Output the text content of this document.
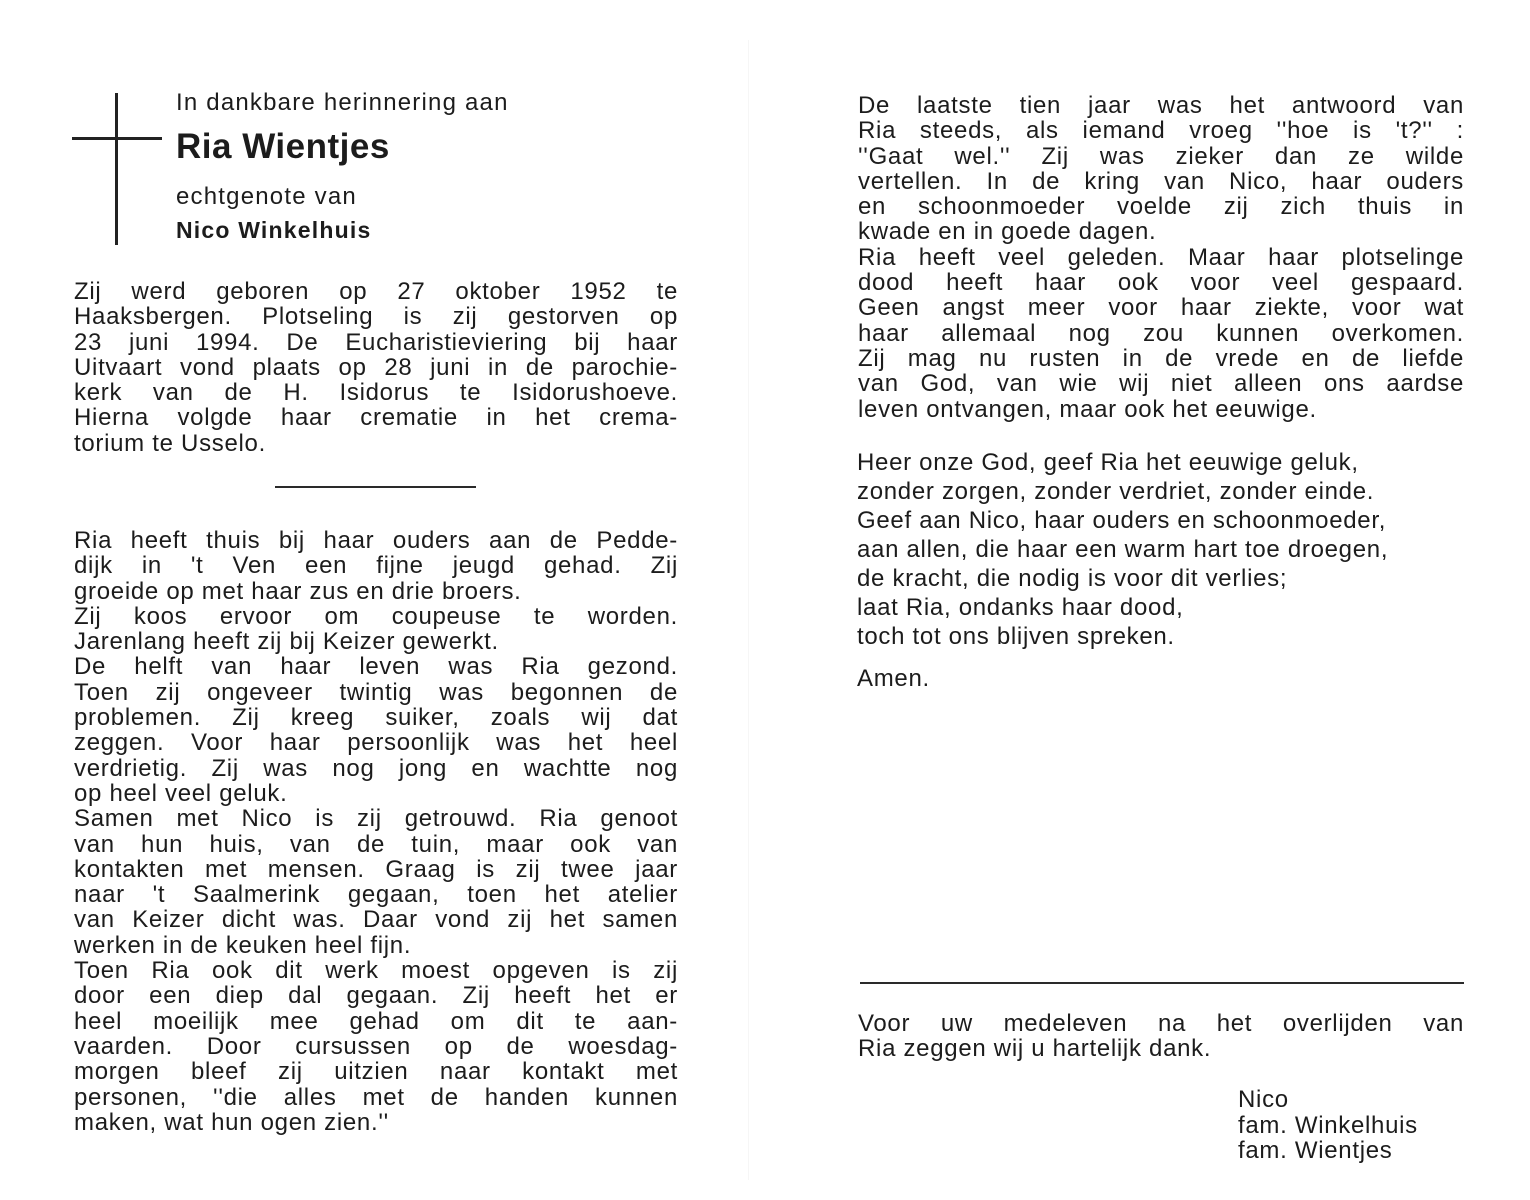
In dankbare herinnering aan
Ria Wientjes
echtgenote van
Nico Winkelhuis
Zij werd geboren op 27 oktober 1952 te
Haaksbergen. Plotseling is zij gestorven op
23 juni 1994. De Eucharistieviering bij haar
Uitvaart vond plaats op 28 juni in de parochie-
kerk van de H. Isidorus te Isidorushoeve.
Hierna volgde haar crematie in het crema-
torium te Usselo.
Ria heeft thuis bij haar ouders aan de Pedde-
dijk in 't Ven een fijne jeugd gehad. Zij
groeide op met haar zus en drie broers.
Zij koos ervoor om coupeuse te worden.
Jarenlang heeft zij bij Keizer gewerkt.
De helft van haar leven was Ria gezond.
Toen zij ongeveer twintig was begonnen de
problemen. Zij kreeg suiker, zoals wij dat
zeggen. Voor haar persoonlijk was het heel
verdrietig. Zij was nog jong en wachtte nog
op heel veel geluk.
Samen met Nico is zij getrouwd. Ria genoot
van hun huis, van de tuin, maar ook van
kontakten met mensen. Graag is zij twee jaar
naar 't Saalmerink gegaan, toen het atelier
van Keizer dicht was. Daar vond zij het samen
werken in de keuken heel fijn.
Toen Ria ook dit werk moest opgeven is zij
door een diep dal gegaan. Zij heeft het er
heel moeilijk mee gehad om dit te aan-
vaarden. Door cursussen op de woesdag-
morgen bleef zij uitzien naar kontakt met
personen, ''die alles met de handen kunnen
maken, wat hun ogen zien.''
De laatste tien jaar was het antwoord van
Ria steeds, als iemand vroeg ''hoe is 't?'' :
''Gaat wel.'' Zij was zieker dan ze wilde
vertellen. In de kring van Nico, haar ouders
en schoonmoeder voelde zij zich thuis in
kwade en in goede dagen.
Ria heeft veel geleden. Maar haar plotselinge
dood heeft haar ook voor veel gespaard.
Geen angst meer voor haar ziekte, voor wat
haar allemaal nog zou kunnen overkomen.
Zij mag nu rusten in de vrede en de liefde
van God, van wie wij niet alleen ons aardse
leven ontvangen, maar ook het eeuwige.
Heer onze God, geef Ria het eeuwige geluk,
zonder zorgen, zonder verdriet, zonder einde.
Geef aan Nico, haar ouders en schoonmoeder,
aan allen, die haar een warm hart toe droegen,
de kracht, die nodig is voor dit verlies;
laat Ria, ondanks haar dood,
toch tot ons blijven spreken.
Amen.
Voor uw medeleven na het overlijden van
Ria zeggen wij u hartelijk dank.
Nico
fam. Winkelhuis
fam. Wientjes
